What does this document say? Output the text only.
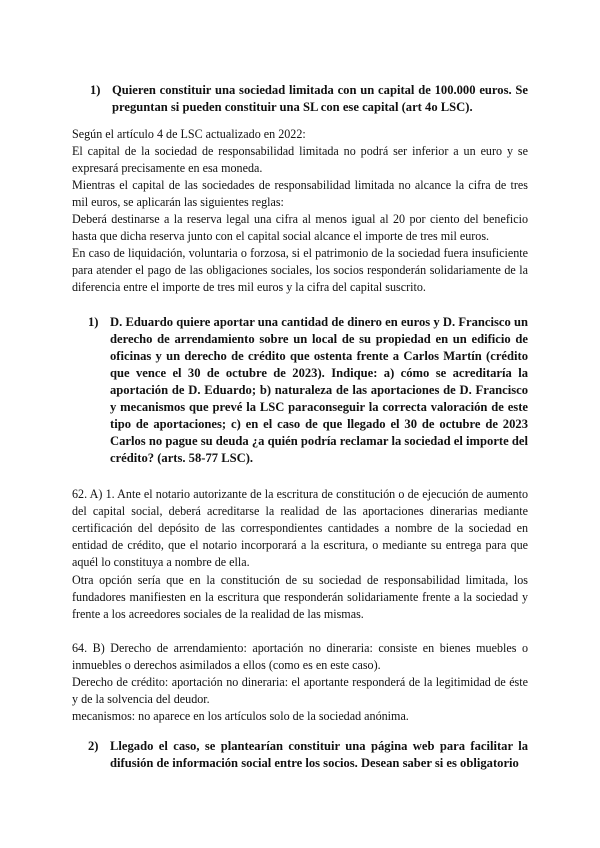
1) Quieren constituir una sociedad limitada con un capital de 100.000 euros. Se preguntan si pueden constituir una SL con ese capital (art 4o LSC).

Según el artículo 4 de LSC actualizado en 2022:

El capital de la sociedad de responsabilidad limitada no podrá ser inferior a un euro y se expresará precisamente en esa moneda.

Mientras el capital de las sociedades de responsabilidad limitada no alcance la cifra de tres mil euros, se aplicarán las siguientes reglas:

Deberá destinarse a la reserva legal una cifra al menos igual al 20 por ciento del beneficio hasta que dicha reserva junto con el capital social alcance el importe de tres mil euros.

En caso de liquidación, voluntaria o forzosa, si el patrimonio de la sociedad fuera insuficiente para atender el pago de las obligaciones sociales, los socios responderán solidariamente de la diferencia entre el importe de tres mil euros y la cifra del capital suscrito.

1) D. Eduardo quiere aportar una cantidad de dinero en euros y D. Francisco un derecho de arrendamiento sobre un local de su propiedad en un edificio de oficinas y un derecho de crédito que ostenta frente a Carlos Martín (crédito que vence el 30 de octubre de 2023). Indique: a) cómo se acreditaría la aportación de D. Eduardo; b) naturaleza de las aportaciones de D. Francisco y mecanismos que prevé la LSC paraconseguir la correcta valoración de este tipo de aportaciones; c) en el caso de que llegado el 30 de octubre de 2023 Carlos no pague su deuda ¿a quién podría reclamar la sociedad el importe del crédito? (arts. 58-77 LSC).

62. A) 1. Ante el notario autorizante de la escritura de constitución o de ejecución de aumento del capital social, deberá acreditarse la realidad de las aportaciones dinerarias mediante certificación del depósito de las correspondientes cantidades a nombre de la sociedad en entidad de crédito, que el notario incorporará a la escritura, o mediante su entrega para que aquél lo constituya a nombre de ella.

Otra opción sería que en la constitución de su sociedad de responsabilidad limitada, los fundadores manifiesten en la escritura que responderán solidariamente frente a la sociedad y frente a los acreedores sociales de la realidad de las mismas.

64. B) Derecho de arrendamiento: aportación no dineraria: consiste en bienes muebles o inmuebles o derechos asimilados a ellos (como es en este caso).

Derecho de crédito: aportación no dineraria: el aportante responderá de la legitimidad de éste y de la solvencia del deudor.

mecanismos: no aparece en los artículos solo de la sociedad anónima.

2) Llegado el caso, se plantearían constituir una página web para facilitar la difusión de información social entre los socios. Desean saber si es obligatorio
